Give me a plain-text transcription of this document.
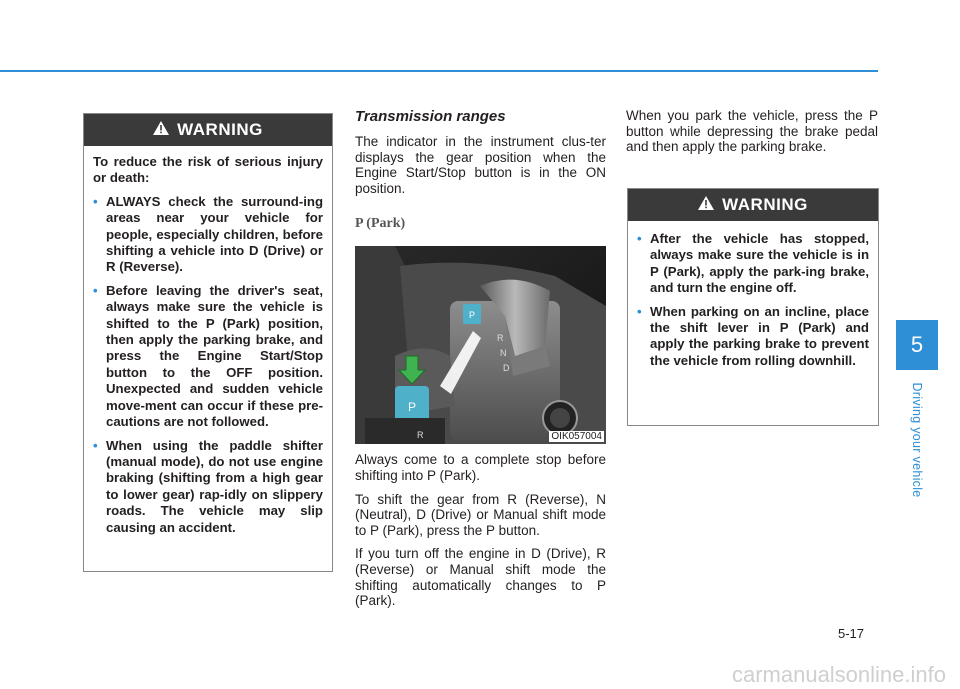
WARNING

To reduce the risk of serious injury or death:

• ALWAYS check the surround-ing areas near your vehicle for people, especially children, before shifting a vehicle into D (Drive) or R (Reverse).
• Before leaving the driver's seat, always make sure the vehicle is shifted to the P (Park) position, then apply the parking brake, and press the Engine Start/Stop button to the OFF position. Unexpected and sudden vehicle move-ment can occur if these pre-cautions are not followed.
• When using the paddle shifter (manual mode), do not use engine braking (shifting from a high gear to lower gear) rap-idly on slippery roads. The vehicle may slip causing an accident.

Transmission ranges

The indicator in the instrument clus-ter displays the gear position when the Engine Start/Stop button is in the ON position.

P (Park)

P
R
N
D
P
R	OIK057004

Always come to a complete stop before shifting into P (Park).

To shift the gear from R (Reverse), N (Neutral), D (Drive) or Manual shift mode to P (Park), press the P button.

If you turn off the engine in D (Drive), R (Reverse) or Manual shift mode the shifting automatically changes to P (Park).

When you park the vehicle, press the P button while depressing the brake pedal and then apply the parking brake.

WARNING
• After the vehicle has stopped, always make sure the vehicle is in P (Park), apply the park-ing brake, and turn the engine off.
• When parking on an incline, place the shift lever in P (Park) and apply the parking brake to prevent the vehicle from rolling downhill.
5
Driving your vehicle
5-17
carmanualsonline.info
